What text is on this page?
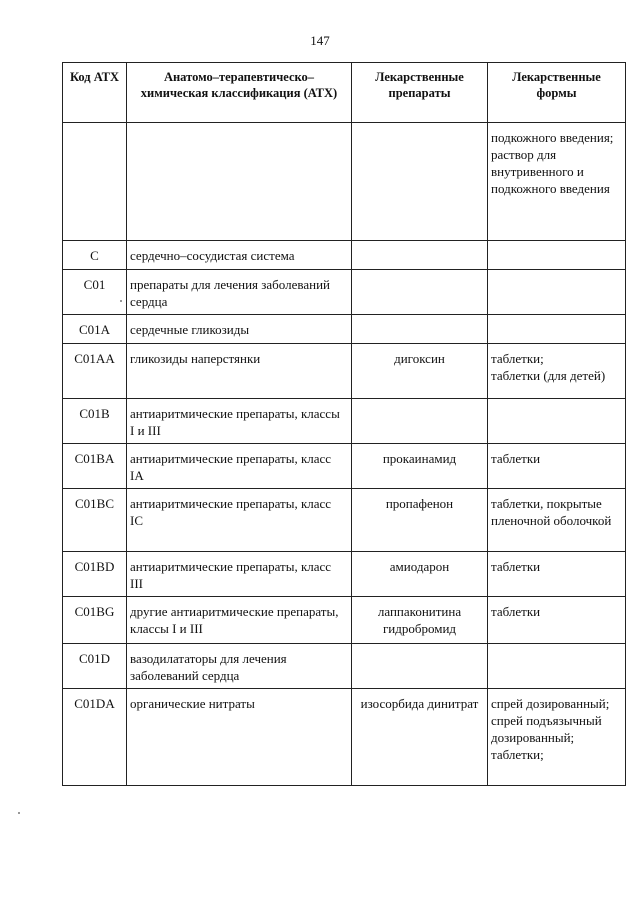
147
Код АТХ	Анатомо–терапевтическо–химическая классификация (АТХ)	Лекарственные препараты	Лекарственные формы
			подкожного введения;
раствор для внутривенного и подкожного введения
C	сердечно–сосудистая система		
C01	препараты для лечения заболеваний сердца		
C01A	сердечные гликозиды		
C01AA	гликозиды наперстянки	дигоксин	таблетки;
таблетки (для детей)
C01B	антиаритмические препараты, классы I и III		
C01BA	антиаритмические препараты, класс IA	прокаинамид	таблетки
C01BC	антиаритмические препараты, класс IC	пропафенон	таблетки, покрытые пленочной оболочкой
C01BD	антиаритмические препараты, класс III	амиодарон	таблетки
C01BG	другие антиаритмические препараты, классы I и III	лаппаконитина гидробромид	таблетки
C01D	вазодилататоры для лечения заболеваний сердца		
C01DA	органические нитраты	изосорбида динитрат	спрей дозированный;
спрей подъязычный дозированный;
таблетки;
